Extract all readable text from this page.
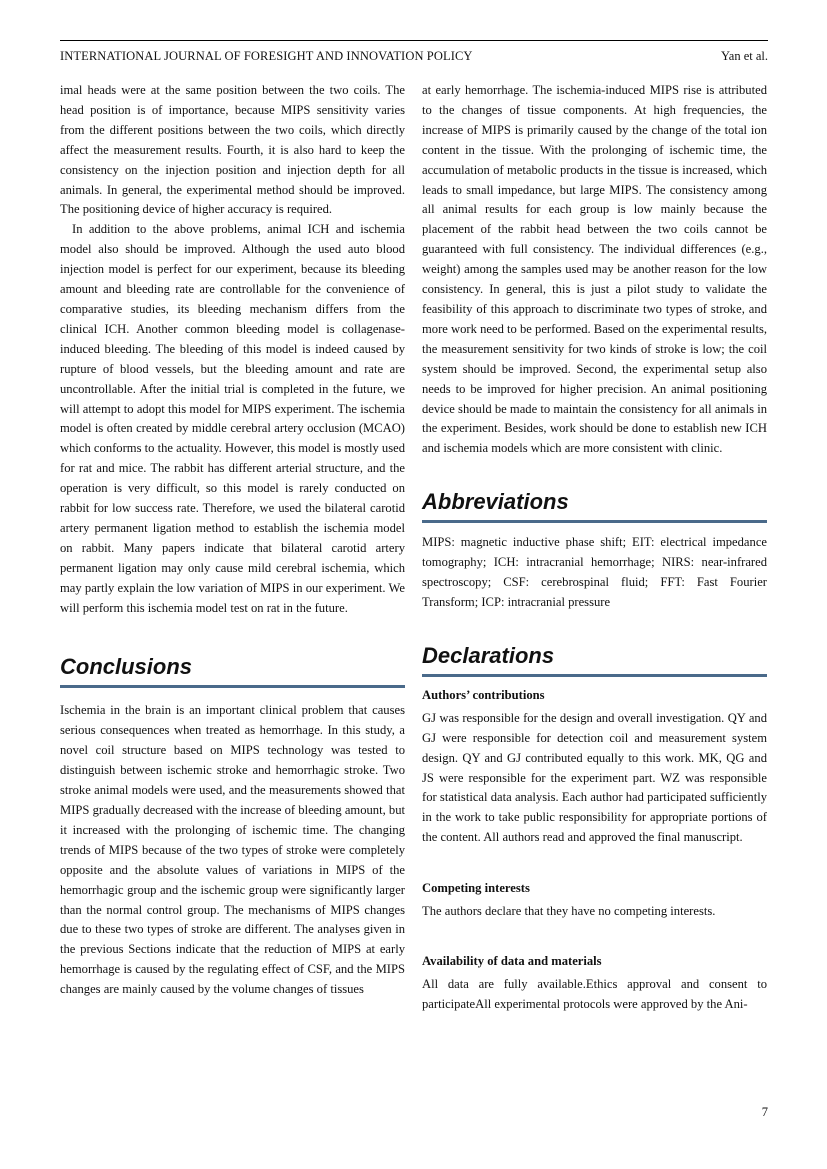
INTERNATIONAL JOURNAL OF FORESIGHT AND INNOVATION POLICY	Yan et al.

imal heads were at the same position between the two coils. The head position is of importance, because MIPS sensitivity varies from the different positions between the two coils, which directly affect the measurement results. Fourth, it is also hard to keep the consistency on the injection position and injection depth for all animals. In general, the experimental method should be improved. The positioning device of higher accuracy is required.

In addition to the above problems, animal ICH and ischemia model also should be improved. Although the used auto blood injection model is perfect for our experiment, because its bleeding amount and bleeding rate are controllable for the convenience of comparative studies, its bleeding mechanism differs from the clinical ICH. Another common bleeding model is collagenase-induced bleeding. The bleeding of this model is indeed caused by rupture of blood vessels, but the bleeding amount and rate are uncontrollable. After the initial trial is completed in the future, we will attempt to adopt this model for MIPS experiment. The ischemia model is often created by middle cerebral artery occlusion (MCAO) which conforms to the actuality. However, this model is mostly used for rat and mice. The rabbit has different arterial structure, and the operation is very difficult, so this model is rarely conducted on rabbit for low success rate. Therefore, we used the bilateral carotid artery permanent ligation method to establish the ischemia model on rabbit. Many papers indicate that bilateral carotid artery permanent ligation may only cause mild cerebral ischemia, which may partly explain the low variation of MIPS in our experiment. We will perform this ischemia model test on rat in the future.

Conclusions

Ischemia in the brain is an important clinical problem that causes serious consequences when treated as hemorrhage. In this study, a novel coil structure based on MIPS technology was tested to distinguish between ischemic stroke and hemorrhagic stroke. Two stroke animal models were used, and the measurements showed that MIPS gradually decreased with the increase of bleeding amount, but it increased with the prolonging of ischemic time. The changing trends of MIPS because of the two types of stroke were completely opposite and the absolute values of variations in MIPS of the hemorrhagic group and the ischemic group were significantly larger than the normal control group. The mechanisms of MIPS changes due to these two types of stroke are different. The analyses given in the previous Sections indicate that the reduction of MIPS at early hemorrhage is caused by the regulating effect of CSF, and the MIPS changes are mainly caused by the volume changes of tissues

at early hemorrhage. The ischemia-induced MIPS rise is attributed to the changes of tissue components. At high frequencies, the increase of MIPS is primarily caused by the change of the total ion content in the tissue. With the prolonging of ischemic time, the accumulation of metabolic products in the tissue is increased, which leads to small impedance, but large MIPS. The consistency among all animal results for each group is low mainly because the placement of the rabbit head between the two coils cannot be guaranteed with full consistency. The individual differences (e.g., weight) among the samples used may be another reason for the low consistency. In general, this is just a pilot study to validate the feasibility of this approach to discriminate two types of stroke, and more work need to be performed. Based on the experimental results, the measurement sensitivity for two kinds of stroke is low; the coil system should be improved. Second, the experimental setup also needs to be improved for higher precision. An animal positioning device should be made to maintain the consistency for all animals in the experiment. Besides, work should be done to establish new ICH and ischemia models which are more consistent with clinic.

Abbreviations

MIPS: magnetic inductive phase shift; EIT: electrical impedance tomography; ICH: intracranial hemorrhage; NIRS: near-infrared spectroscopy; CSF: cerebrospinal fluid; FFT: Fast Fourier Transform; ICP: intracranial pressure

Declarations
Authors’ contributions

GJ was responsible for the design and overall investigation. QY and GJ were responsible for detection coil and measurement system design. QY and GJ contributed equally to this work. MK, QG and JS were responsible for the experiment part. WZ was responsible for statistical data analysis. Each author had participated sufficiently in the work to take public responsibility for appropriate portions of the content. All authors read and approved the final manuscript.

Competing interests

The authors declare that they have no competing interests.

Availability of data and materials

All data are fully available.Ethics approval and consent to participateAll experimental protocols were approved by the Ani-

7
